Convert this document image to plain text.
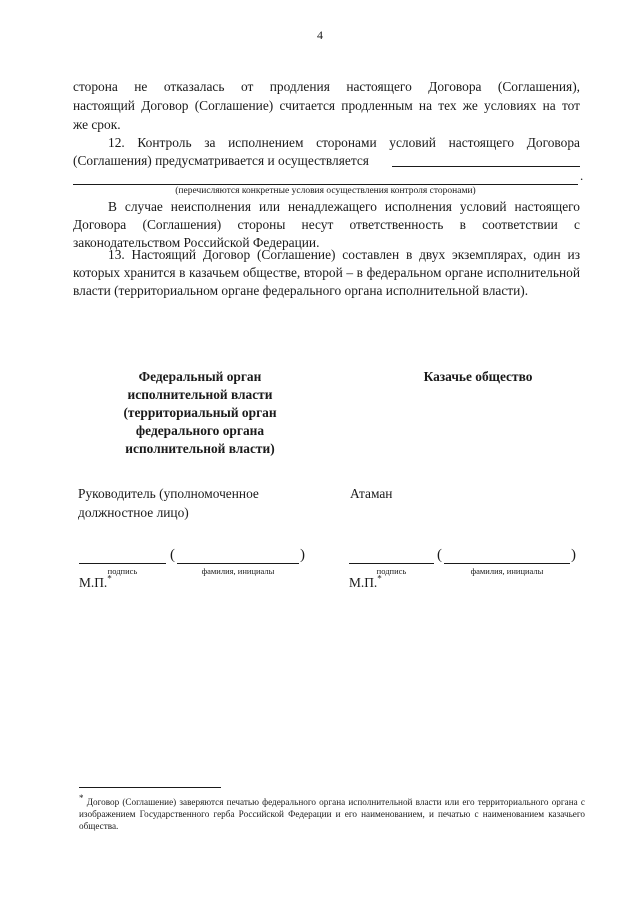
4
сторона не отказалась от продления настоящего Договора (Соглашения),
настоящий Договор (Соглашение) считается продленным на тех же условиях на тот
же срок.
12. Контроль за исполнением сторонами условий настоящего Договора
(Соглашения) предусматривается и осуществляется
.
(перечисляются конкретные условия осуществления контроля сторонами)
В случае неисполнения или ненадлежащего исполнения условий настоящего Договора (Соглашения) стороны несут ответственность в соответствии с законодательством Российской Федерации.
13. Настоящий Договор (Соглашение) составлен в двух экземплярах, один из которых хранится в казачьем обществе, второй – в федеральном органе исполнительной власти (территориальном органе федерального органа исполнительной власти).
Федеральный орган
исполнительной власти
(территориальный орган
федерального органа
исполнительной власти)
Казачье общество
Руководитель (уполномоченное должностное лицо)
Атаман
(	)
подпись	фамилия, инициалы
М.П.*
(	)
подпись	фамилия, инициалы
М.П.*
* Договор (Соглашение) заверяются печатью федерального органа исполнительной власти или его территориального органа с изображением Государственного герба Российской Федерации и его наименованием, и печатью с наименованием казачьего общества.
